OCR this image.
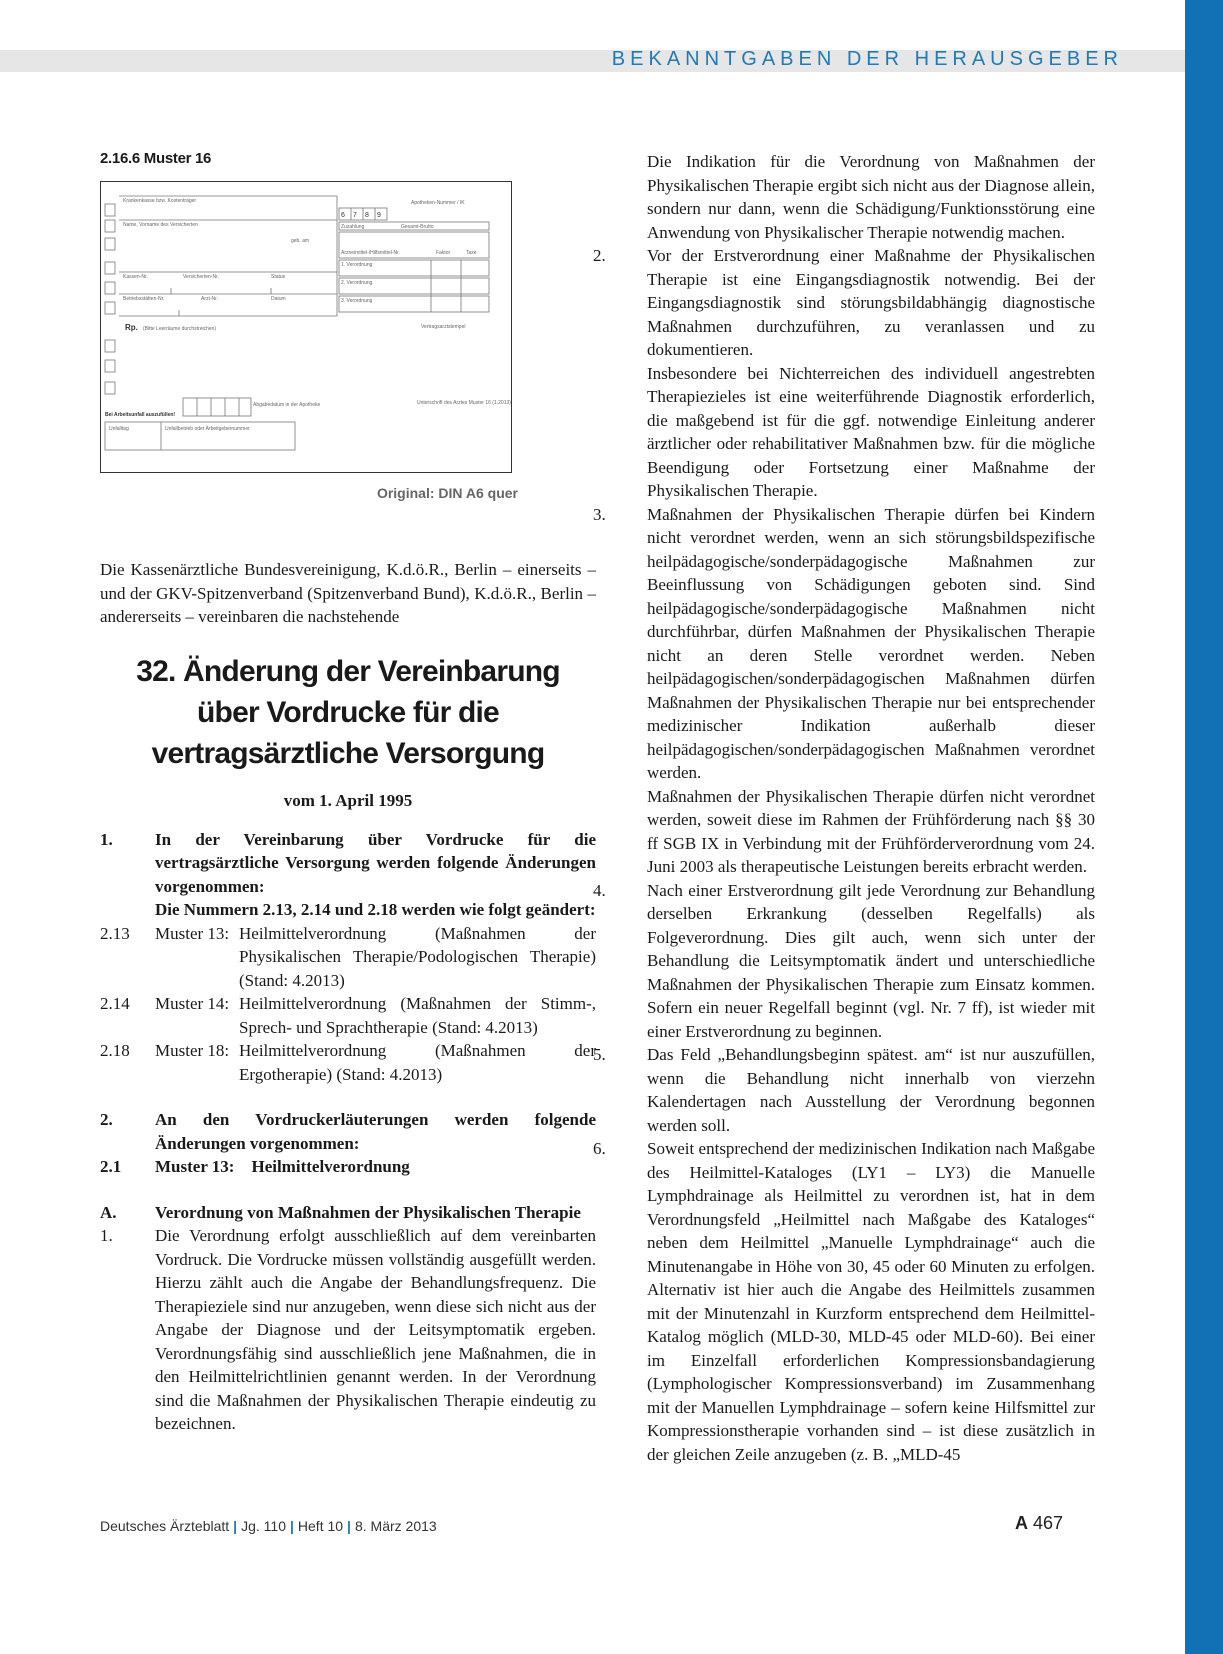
BEKANNTGABEN DER HERAUSGEBER
2.16.6 Muster 16
Krankenkasse bzw. Kostenträger
Name, Vorname des Versicherten
geb. am
Kassen-Nr.	Versicherten-Nr.	Status
Betriebsstätten-Nr.	Arzt-Nr.	Datum
Apotheken-Nummer / IK
Zuzahlung	Gesamt-Brutto
Arzneimittel-/Hilfsmittel-Nr.	Faktor	Taxe
1. Verordnung
2. Verordnung
3. Verordnung
Vertragsarztstempel
(Bitte Leerräume durchstreichen)
Abgabedatum in der Apotheke	Unterschrift des Arztes Muster 16 (1.2013)
Unfalltag	Unfallbetrieb oder Arbeitgebernummer
6 7 8 9
Rp.
Bei Arbeitsunfall auszufüllen!
Original: DIN A6 quer
Die Kassenärztliche Bundesvereinigung, K.d.ö.R., Berlin – einerseits – und der GKV-Spitzenverband (Spitzenverband Bund), K.d.ö.R., Berlin – andererseits – vereinbaren die nachstehende
32. Änderung der Vereinbarung
über Vordrucke für die
vertragsärztliche Versorgung
vom 1. April 1995
1.	In der Vereinbarung über Vordrucke für die vertragsärztliche Versorgung werden folgende Änderungen vorgenommen:
Die Nummern 2.13, 2.14 und 2.18 werden wie folgt geändert:
2.13	Muster 13: Heilmittelverordnung (Maßnahmen der Physikalischen Therapie/Podologischen Therapie) (Stand: 4.2013)
2.14	Muster 14: Heilmittelverordnung (Maßnahmen der Stimm-, Sprech- und Sprachtherapie (Stand: 4.2013)
2.18	Muster 18: Heilmittelverordnung (Maßnahmen der Ergotherapie) (Stand: 4.2013)
2.	An den Vordruckerläuterungen werden folgende Änderungen vorgenommen:
2.1	Muster 13:    Heilmittelverordnung
A.	Verordnung von Maßnahmen der Physikalischen Therapie
1.	Die Verordnung erfolgt ausschließlich auf dem vereinbarten Vordruck. Die Vordrucke müssen vollständig ausgefüllt werden. Hierzu zählt auch die Angabe der Behandlungsfrequenz. Die Therapieziele sind nur anzugeben, wenn diese sich nicht aus der Angabe der Diagnose und der Leitsymptomatik ergeben. Verordnungsfähig sind ausschließlich jene Maßnahmen, die in den Heilmittelrichtlinien genannt werden. In der Verordnung sind die Maßnahmen der Physikalischen Therapie eindeutig zu bezeichnen.
Die Indikation für die Verordnung von Maßnahmen der Physikalischen Therapie ergibt sich nicht aus der Diagnose allein, sondern nur dann, wenn die Schädigung/Funktionsstörung eine Anwendung von Physikalischer Therapie notwendig machen.
2.	Vor der Erstverordnung einer Maßnahme der Physikalischen Therapie ist eine Eingangsdiagnostik notwendig. Bei der Eingangsdiagnostik sind störungsbildabhängig diagnostische Maßnahmen durchzuführen, zu veranlassen und zu dokumentieren.
Insbesondere bei Nichterreichen des individuell angestrebten Therapiezieles ist eine weiterführende Diagnostik erforderlich, die maßgebend ist für die ggf. notwendige Einleitung anderer ärztlicher oder rehabilitativer Maßnahmen bzw. für die mögliche Beendigung oder Fortsetzung einer Maßnahme der Physikalischen Therapie.
3.	Maßnahmen der Physikalischen Therapie dürfen bei Kindern nicht verordnet werden, wenn an sich störungsbildspezifische heilpädagogische/sonderpädagogische Maßnahmen zur Beeinflussung von Schädigungen geboten sind. Sind heilpädagogische/sonderpädagogische Maßnahmen nicht durchführbar, dürfen Maßnahmen der Physikalischen Therapie nicht an deren Stelle verordnet werden. Neben heilpädagogischen/sonderpädagogischen Maßnahmen dürfen Maßnahmen der Physikalischen Therapie nur bei entsprechender medizinischer Indikation außerhalb dieser heilpädagogischen/sonderpädagogischen Maßnahmen verordnet werden.
Maßnahmen der Physikalischen Therapie dürfen nicht verordnet werden, soweit diese im Rahmen der Frühförderung nach §§ 30 ff SGB IX in Verbindung mit der Frühförderverordnung vom 24. Juni 2003 als therapeutische Leistungen bereits erbracht werden.
4.	Nach einer Erstverordnung gilt jede Verordnung zur Behandlung derselben Erkrankung (desselben Regelfalls) als Folgeverordnung. Dies gilt auch, wenn sich unter der Behandlung die Leitsymptomatik ändert und unterschiedliche Maßnahmen der Physikalischen Therapie zum Einsatz kommen. Sofern ein neuer Regelfall beginnt (vgl. Nr. 7 ff), ist wieder mit einer Erstverordnung zu beginnen.
5.	Das Feld „Behandlungsbeginn spätest. am“ ist nur auszufüllen, wenn die Behandlung nicht innerhalb von vierzehn Kalendertagen nach Ausstellung der Verordnung begonnen werden soll.
6.	Soweit entsprechend der medizinischen Indikation nach Maßgabe des Heilmittel-Kataloges (LY1 – LY3) die Manuelle Lymphdrainage als Heilmittel zu verordnen ist, hat in dem Verordnungsfeld „Heilmittel nach Maßgabe des Kataloges“ neben dem Heilmittel „Manuelle Lymphdrainage“ auch die Minutenangabe in Höhe von 30, 45 oder 60 Minuten zu erfolgen. Alternativ ist hier auch die Angabe des Heilmittels zusammen mit der Minutenzahl in Kurzform entsprechend dem Heilmittel-Katalog möglich (MLD-30, MLD-45 oder MLD-60). Bei einer im Einzelfall erforderlichen Kompressionsbandagierung (Lymphologischer Kompressionsverband) im Zusammenhang mit der Manuellen Lymphdrainage – sofern keine Hilfsmittel zur Kompressionstherapie vorhanden sind – ist diese zusätzlich in der gleichen Zeile anzugeben (z. B. „MLD-45
Deutsches Ärzteblatt | Jg. 110 | Heft 10 | 8. März 2013	A 467
